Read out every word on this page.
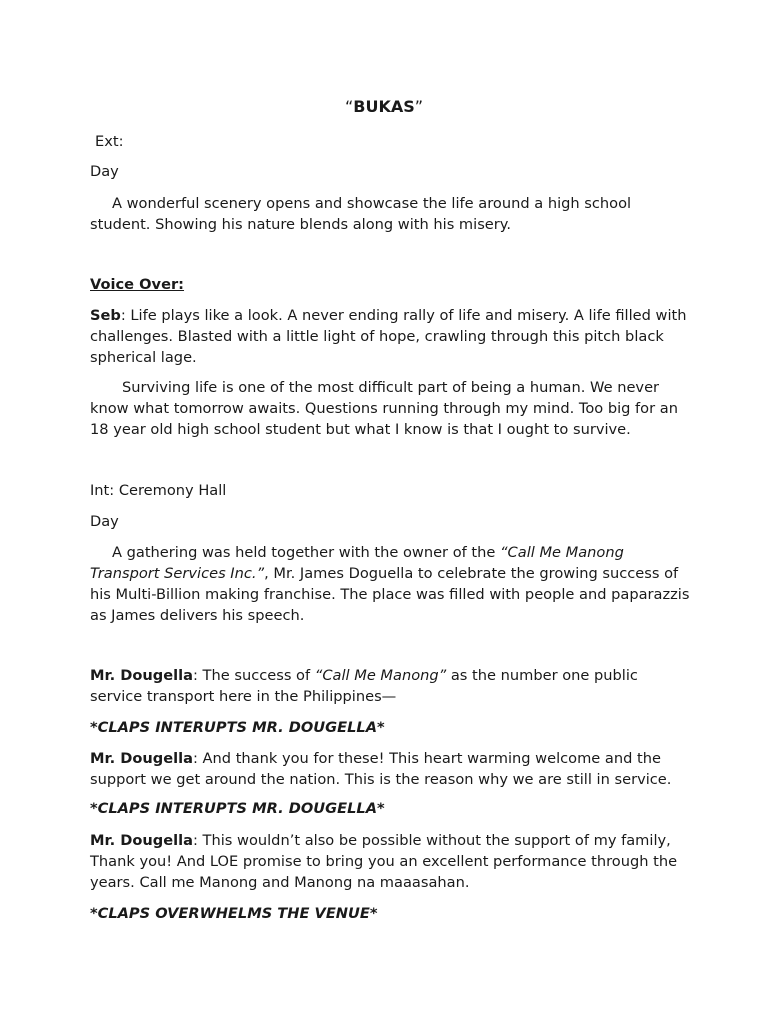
“BUKAS”

Ext:

Day

A wonderful scenery opens and showcase the life around a high school student. Showing his nature blends along with his misery.

Voice Over:

Seb: Life plays like a look. A never ending rally of life and misery. A life filled with challenges. Blasted with a little light of hope, crawling through this pitch black spherical lage.

Surviving life is one of the most difficult part of being a human. We never know what tomorrow awaits. Questions running through my mind. Too big for an 18 year old high school student but what I know is that I ought to survive.

Int: Ceremony Hall

Day

A gathering was held together with the owner of the “Call Me Manong Transport Services Inc.”, Mr. James Doguella to celebrate the growing success of his Multi-Billion making franchise. The place was filled with people and paparazzis as James delivers his speech.

Mr. Dougella: The success of “Call Me Manong” as the number one public service transport here in the Philippines—

*CLAPS INTERUPTS MR. DOUGELLA*

Mr. Dougella: And thank you for these! This heart warming welcome and the support we get around the nation. This is the reason why we are still in service.

*CLAPS INTERUPTS MR. DOUGELLA*

Mr. Dougella: This wouldn’t also be possible without the support of my family, Thank you! And LOE promise to bring you an excellent performance through the years. Call me Manong and Manong na maaasahan.

*CLAPS OVERWHELMS THE VENUE*
